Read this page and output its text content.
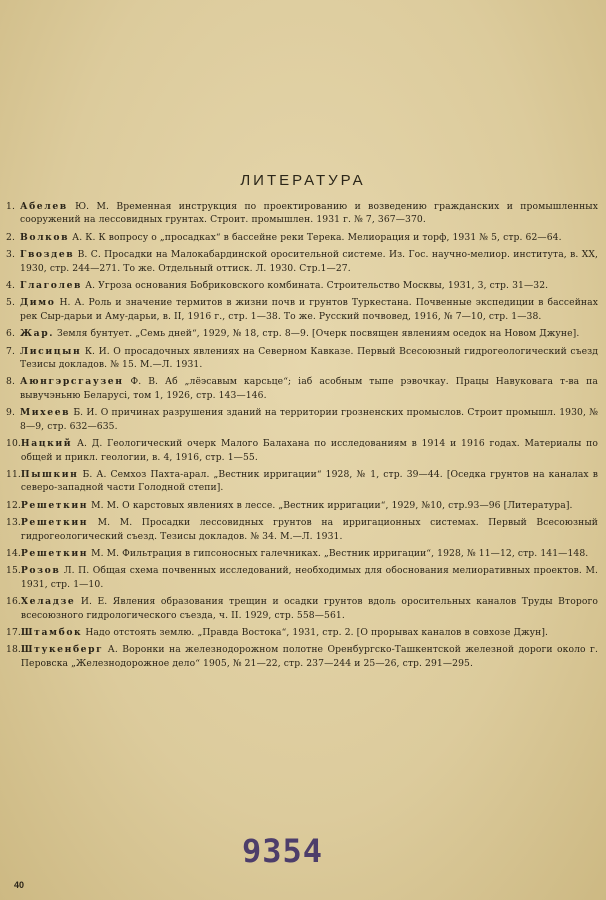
ЛИТЕРАТУРА
1. Абелев Ю. М. Временная инструкция по проектированию и возведению гражданских и промышленных сооружений на лессовидных грунтах. Строит. промышлен. 1931 г. № 7, 367—370.
2. Волков А. К. К вопросу о „просадках“ в бассейне реки Терека. Мелиорация и торф, 1931 № 5, стр. 62—64.
3. Гвоздев В. С. Просадки на Малокабардинской оросительной системе. Из. Гос. научно-мелиор. института, в. XX, 1930, стр. 244—271. То же. Отдельный оттиск. Л. 1930. Стр.1—27.
4. Глаголев А. Угроза основания Бобриковского комбината. Строительство Москвы, 1931, 3, стр. 31—32.
5. Димо Н. А. Роль и значение термитов в жизни почв и грунтов Туркестана. Почвенные экспедиции в бассейнах рек Сыр-дарьи и Аму-дарьи, в. II, 1916 г., стр. 1—38. То же. Русский почвовед, 1916, № 7—10, стр. 1—38.
6. Жар. Земля бунтует. „Семь дней“, 1929, № 18, стр. 8—9. [Очерк посвящен явлениям оседок на Новом Джуне].
7. Лисицын К. И. О просадочных явлениях на Северном Кавказе. Первый Всесоюзный гидрогеологический съезд Тезисы докладов. № 15. М.—Л. 1931.
8. Аюнгэрсгаузен Ф. В. Аб „лёэсавым карсьце“; іаб асобным тыпе рэвочкау. Працы Навуковага т-ва па вывучэньню Беларусі, том 1, 1926, стр. 143—146.
9. Михеев Б. И. О причинах разрушения зданий на территории грозненских промыслов. Строит промышл. 1930, № 8—9, стр. 632—635.
10. Нацкий А. Д. Геологический очерк Малого Балахана по исследованиям в 1914 и 1916 годах. Материалы по общей и прикл. геологии, в. 4, 1916, стр. 1—55.
11. Пышкин Б. А. Семхоз Пахта-арал. „Вестник ирригации“ 1928, № 1, стр. 39—44. [Оседка грунтов на каналах в северо-западной части Голодной степи].
12. Решеткин М. М. О карстовых явлениях в лессе. „Вестник ирригации“, 1929, №10, стр.93—96 [Литература].
13. Решеткин М. М. Просадки лессовидных грунтов на ирригационных системах. Первый Всесоюзный гидрогеологический съезд. Тезисы докладов. № 34. М.—Л. 1931.
14. Решеткин М. М. Фильтрация в гипсоносных галечниках. „Вестник ирригации“, 1928, № 11—12, стр. 141—148.
15. Розов Л. П. Общая схема почвенных исследований, необходимых для обоснования мелиоративных проектов. М. 1931, стр. 1—10.
16. Хеладзе И. Е. Явления образования трещин и осадки грунтов вдоль оросительных каналов Труды Второго всесоюзного гидрологического съезда, ч. II. 1929, стр. 558—561.
17. Штамбок Надо отстоять землю. „Правда Востока“, 1931, стр. 2. [О прорывах каналов в совхозе Джун].
18. Штукенберг А. Воронки на железнодорожном полотне Оренбургско-Ташкентской железной дороги около г. Перовска „Железнодорожное дело“ 1905, № 21—22, стр. 237—244 и 25—26, стр. 291—295.
9354
40
